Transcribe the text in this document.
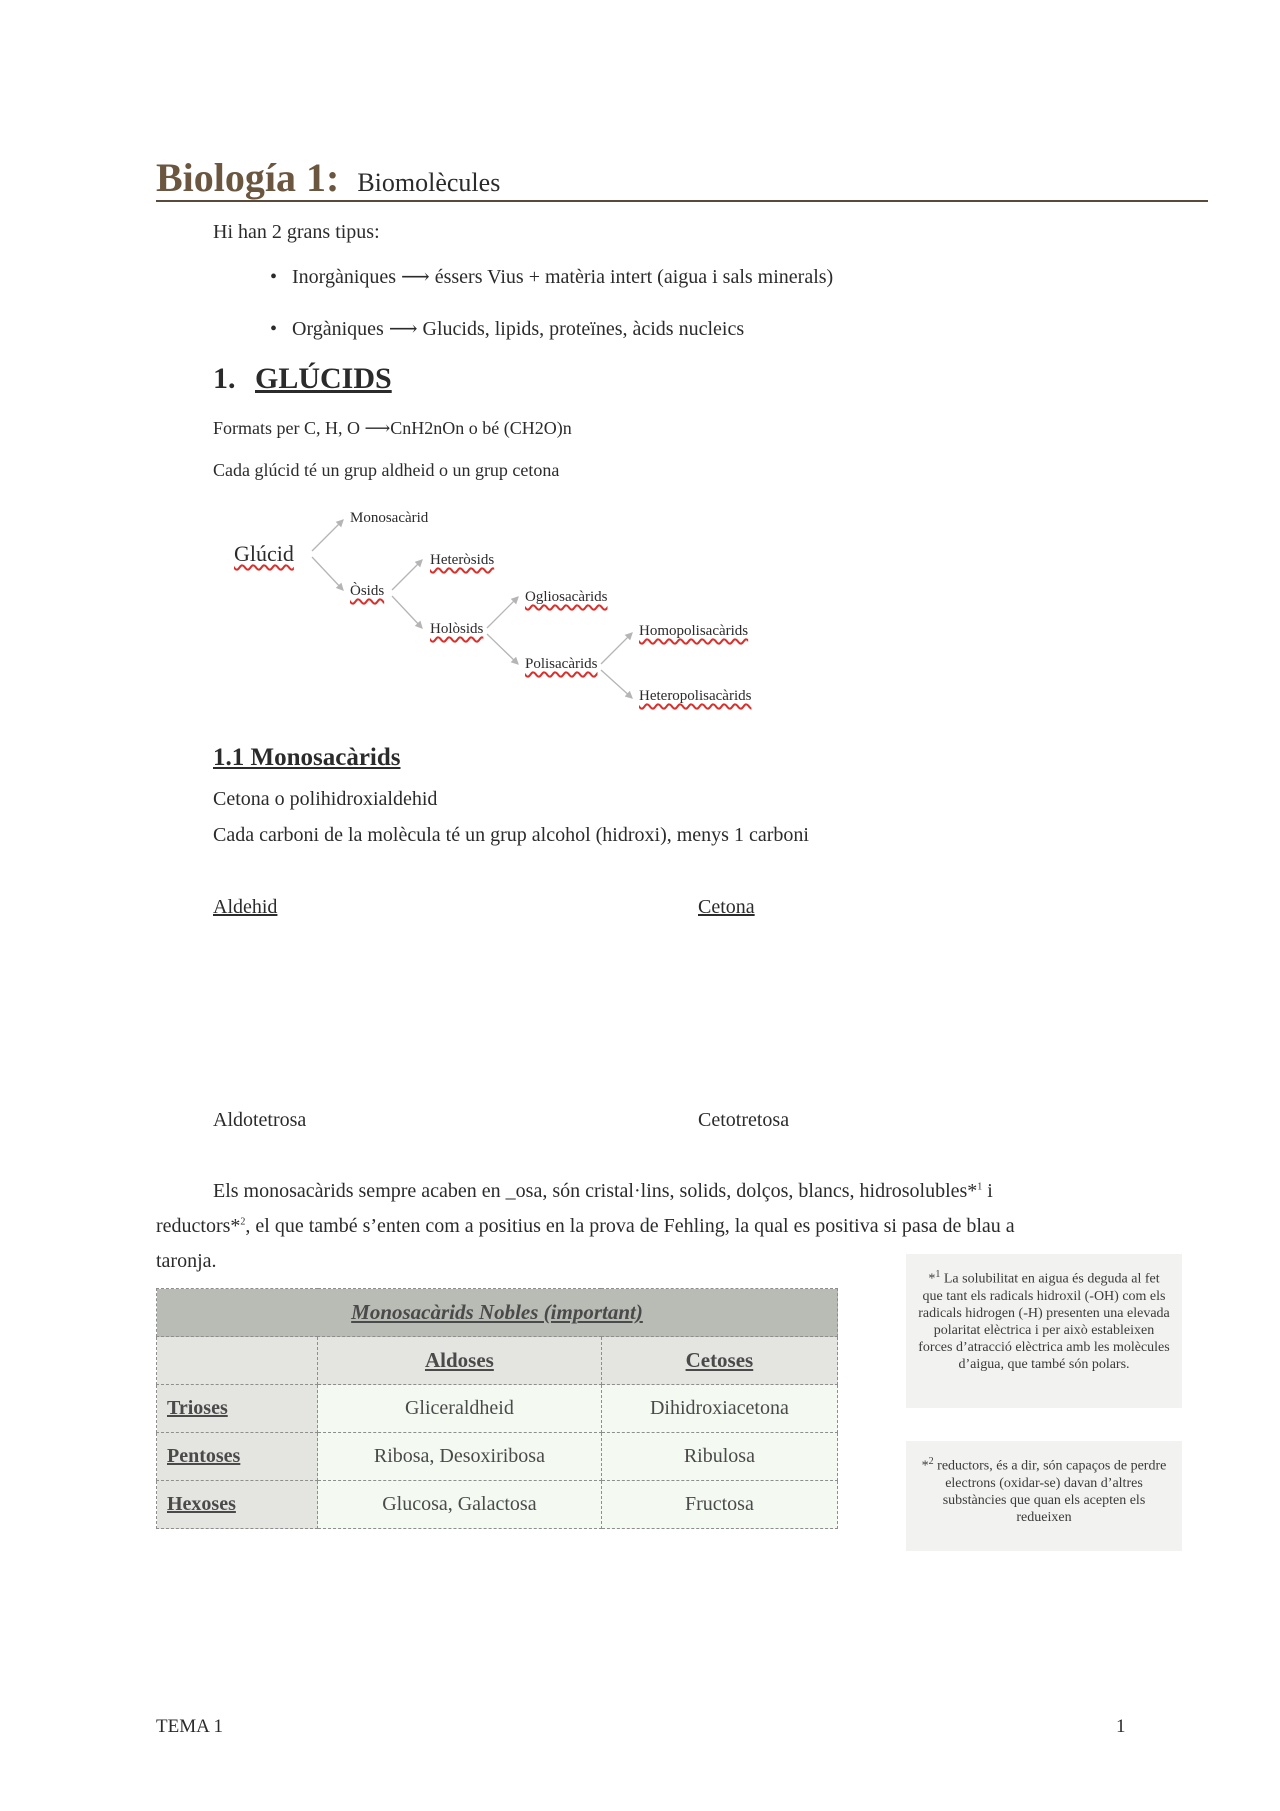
Biología 1: Biomolècules
Hi han 2 grans tipus:
• Inorgàniques ⟶ éssers Vius + matèria intert (aigua i sals minerals)
• Orgàniques ⟶ Glucids, lipids, proteïnes, àcids nucleics
1. GLÚCIDS
Formats per C, H, O ⟶CnH2nOn o bé (CH2O)n
Cada glúcid té un grup aldheid o un grup cetona
Glúcid
Monosacàrid
Òsids
Heteròsids
Holòsids
Ogliosacàrids
Polisacàrids
Homopolisacàrids
Heteropolisacàrids
1.1 Monosacàrids
Cetona o polihidroxialdehid
Cada carboni de la molècula té un grup alcohol (hidroxi), menys 1 carboni
Aldehid	Cetona
Aldotetrosa	Cetotretosa
Els monosacàrids sempre acaben en _osa, són cristal·lins, solids, dolços, blancs, hidrosolubles*$^1$ i
reductors*$^2$, el que també s’enten com a positius en la prova de Fehling, la qual es positiva si pasa de blau a
taronja.
Monosacàrids Nobles (important)		
	Aldoses	Cetoses
Trioses	Gliceraldheid	Dihidroxiacetona
Pentoses	Ribosa, Desoxiribosa	Ribulosa
Hexoses	Glucosa, Galactosa	Fructosa
*$^1$ La solubilitat en aigua és deguda al fet que tant els radicals hidroxil (-OH) com els radicals hidrogen (-H) presenten una elevada polaritat elèctrica i per això estableixen forces d’atracció elèctrica amb les molècules d’aigua, que també són polars.
*$^2$ reductors, és a dir, són capaços de perdre electrons (oxidar-se) davan d’altres substàncies que quan els acepten els redueixen
TEMA 1	1
